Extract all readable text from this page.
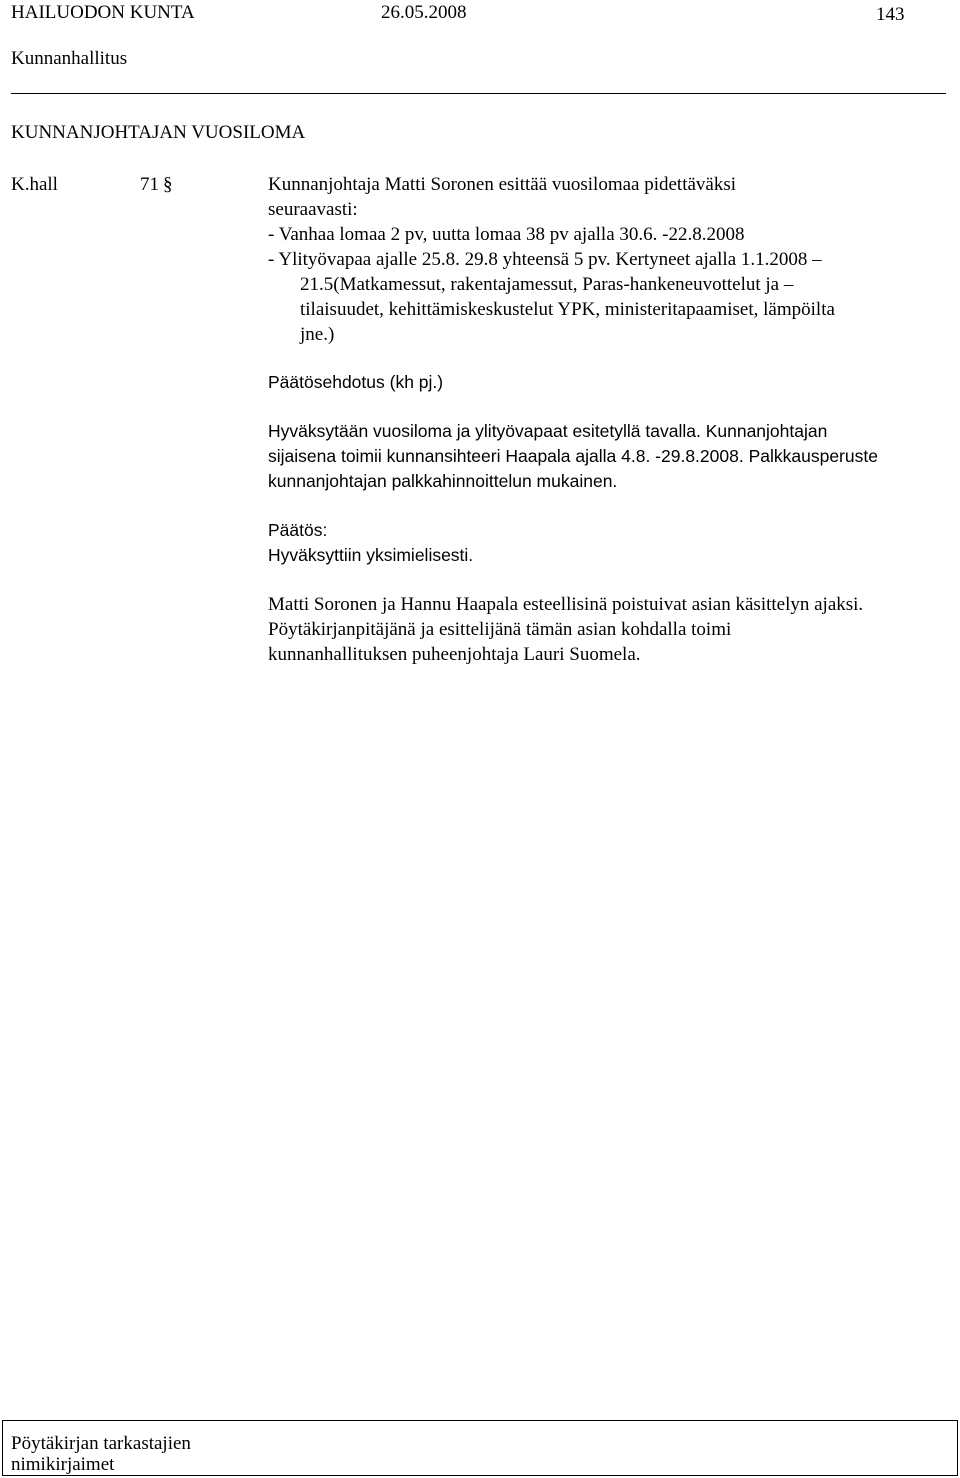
HAILUODON KUNTA	26.05.2008	143
Kunnanhallitus
KUNNANJOHTAJAN VUOSILOMA
K.hall	71 §	Kunnanjohtaja Matti Soronen esittää vuosilomaa pidettäväksi
seuraavasti:
- Vanhaa lomaa 2 pv, uutta lomaa 38 pv ajalla 30.6. -22.8.2008
- Ylityövapaa ajalle 25.8. 29.8 yhteensä 5 pv. Kertyneet ajalla 1.1.2008 –
21.5(Matkamessut, rakentajamessut, Paras-hankeneuvottelut ja –
tilaisuudet, kehittämiskeskustelut YPK, ministeritapaamiset, lämpöilta
jne.)
Päätösehdotus (kh pj.)
Hyväksytään vuosiloma ja ylityövapaat esitetyllä tavalla. Kunnanjohtajan
sijaisena toimii kunnansihteeri Haapala ajalla 4.8. -29.8.2008. Palkkausperuste
kunnanjohtajan palkkahinnoittelun mukainen.
Päätös:
Hyväksyttiin yksimielisesti.
Matti Soronen ja Hannu Haapala esteellisinä poistuivat asian käsittelyn ajaksi.
Pöytäkirjanpitäjänä ja esittelijänä tämän asian kohdalla toimi
kunnanhallituksen puheenjohtaja Lauri Suomela.
Pöytäkirjan tarkastajien
nimikirjaimet
